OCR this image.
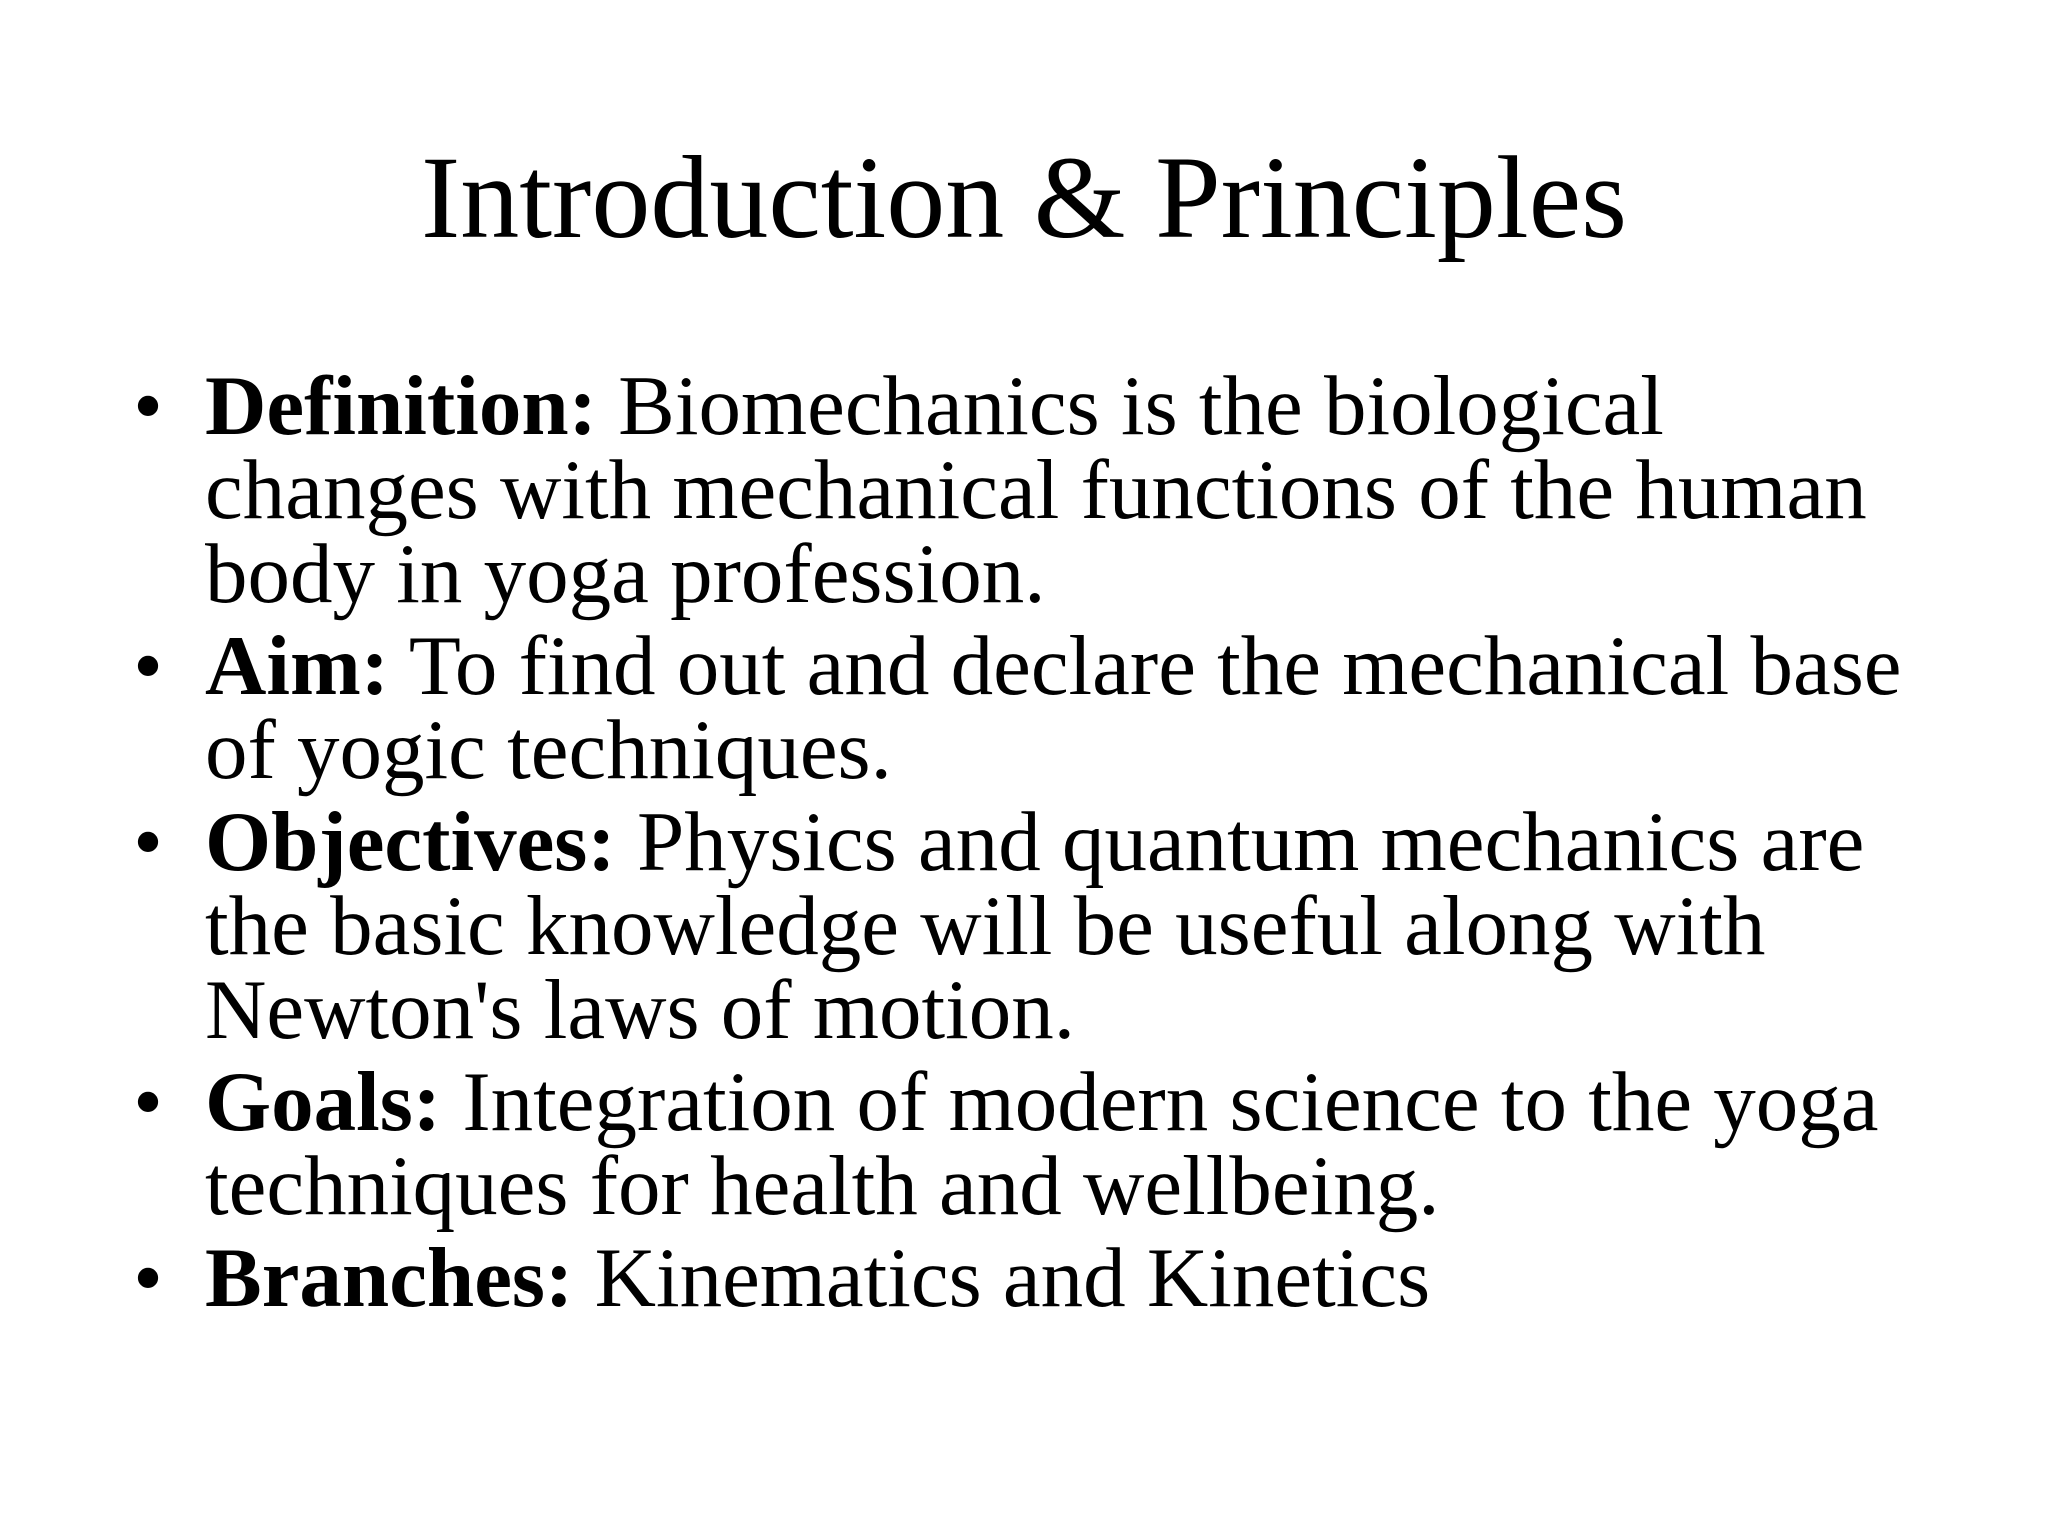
Introduction & Principles
• Definition: Biomechanics is the biological changes with mechanical functions of the human body in yoga profession.
• Aim: To find out and declare the mechanical base of yogic techniques.
• Objectives: Physics and quantum mechanics are the basic knowledge will be useful along with Newton's laws of motion.
• Goals: Integration of modern science to the yoga techniques for health and wellbeing.
• Branches: Kinematics and Kinetics
